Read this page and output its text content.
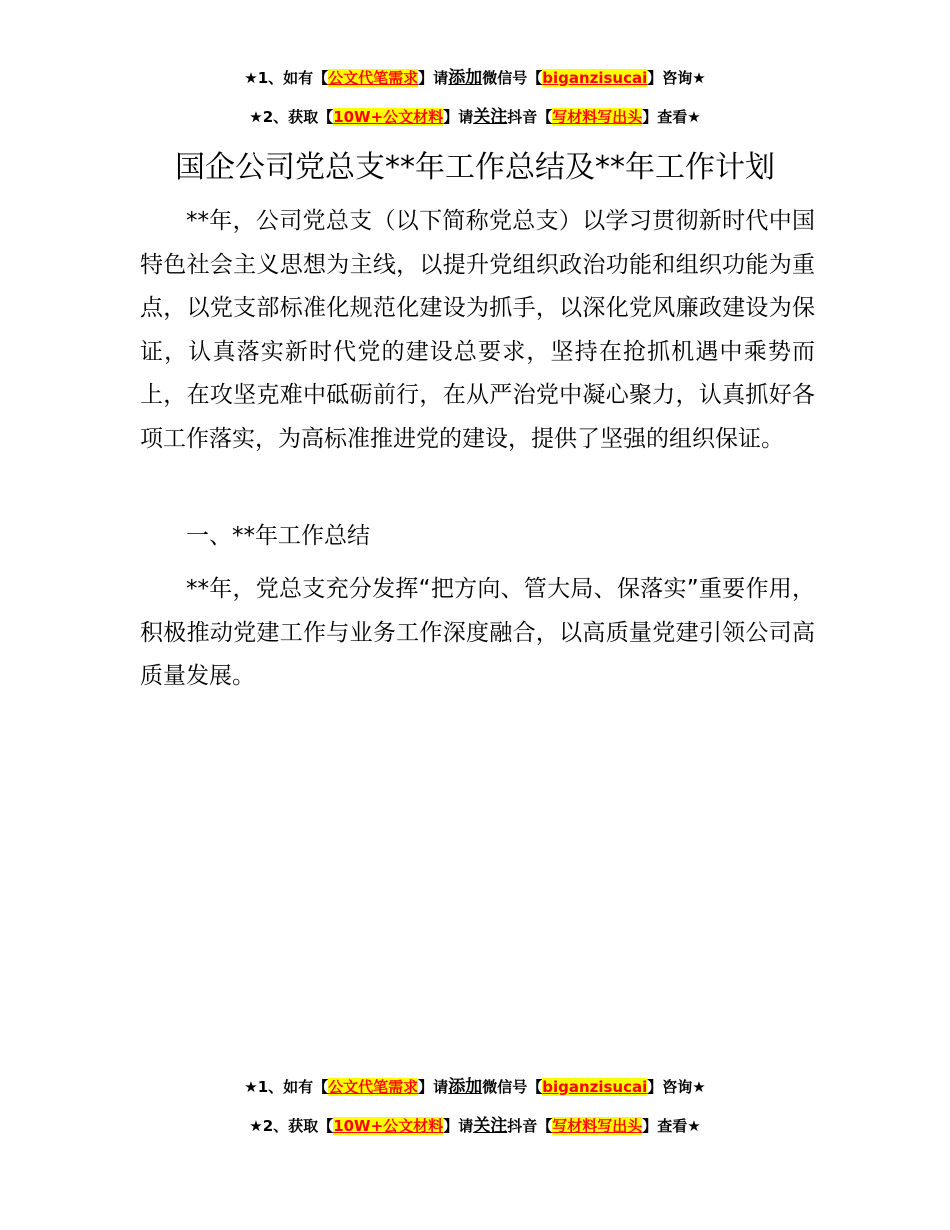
★1、如有【公文代笔需求】请添加微信号【biganzisucai】咨询★
★2、获取【10W+公文材料】请关注抖音【写材料写出头】查看★
国企公司党总支**年工作总结及**年工作计划

**年，公司党总支（以下简称党总支）以学习贯彻新时代中国特色社会主义思想为主线，以提升党组织政治功能和组织功能为重点，以党支部标准化规范化建设为抓手，以深化党风廉政建设为保证，认真落实新时代党的建设总要求，坚持在抢抓机遇中乘势而上，在攻坚克难中砥砺前行，在从严治党中凝心聚力，认真抓好各项工作落实，为高标准推进党的建设，提供了坚强的组织保证。

一、**年工作总结

**年，党总支充分发挥“把方向、管大局、保落实”重要作用，积极推动党建工作与业务工作深度融合，以高质量党建引领公司高质量发展。

★1、如有【公文代笔需求】请添加微信号【biganzisucai】咨询★
★2、获取【10W+公文材料】请关注抖音【写材料写出头】查看★
